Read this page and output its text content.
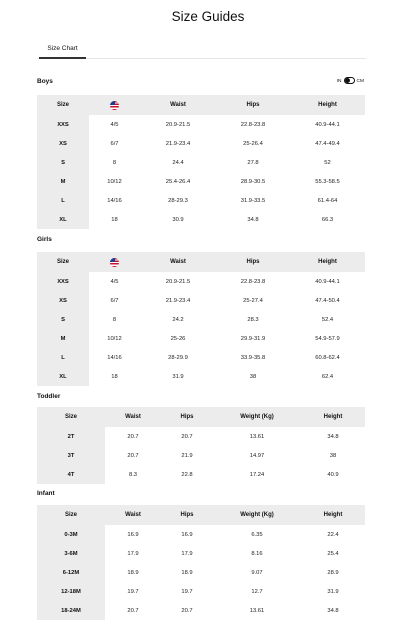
Size Guides
Size Chart
Boys	IN	CM
Size		Waist	Hips	Height
XXS	4/5	20.9-21.5	22.8-23.8	40.9-44.1
XS	6/7	21.9-23.4	25-26.4	47.4-49.4
S	8	24.4	27.8	52
M	10/12	25.4-26.4	28.9-30.5	55.3-58.5
L	14/16	28-29.3	31.9-33.5	61.4-64
XL	18	30.9	34.8	66.3
Girls
Size		Waist	Hips	Height
XXS	4/5	20.9-21.5	22.8-23.8	40.9-44.1
XS	6/7	21.9-23.4	25-27.4	47.4-50.4
S	8	24.2	28.3	52.4
M	10/12	25-26	29.9-31.9	54.9-57.9
L	14/16	28-29.9	33.9-35.8	60.8-62.4
XL	18	31.9	38	62.4
Toddler
Size	Waist	Hips	Weight (Kg)	Height
2T	20.7	20.7	13.61	34.8
3T	20.7	21.9	14.97	38
4T	8.3	22.8	17.24	40.9
Infant
Size	Waist	Hips	Weight (Kg)	Height
0-3M	16.9	16.9	6.35	22.4
3-6M	17.9	17.9	8.16	25.4
6-12M	18.9	18.9	9.07	28.9
12-18M	19.7	19.7	12.7	31.9
18-24M	20.7	20.7	13.61	34.8
